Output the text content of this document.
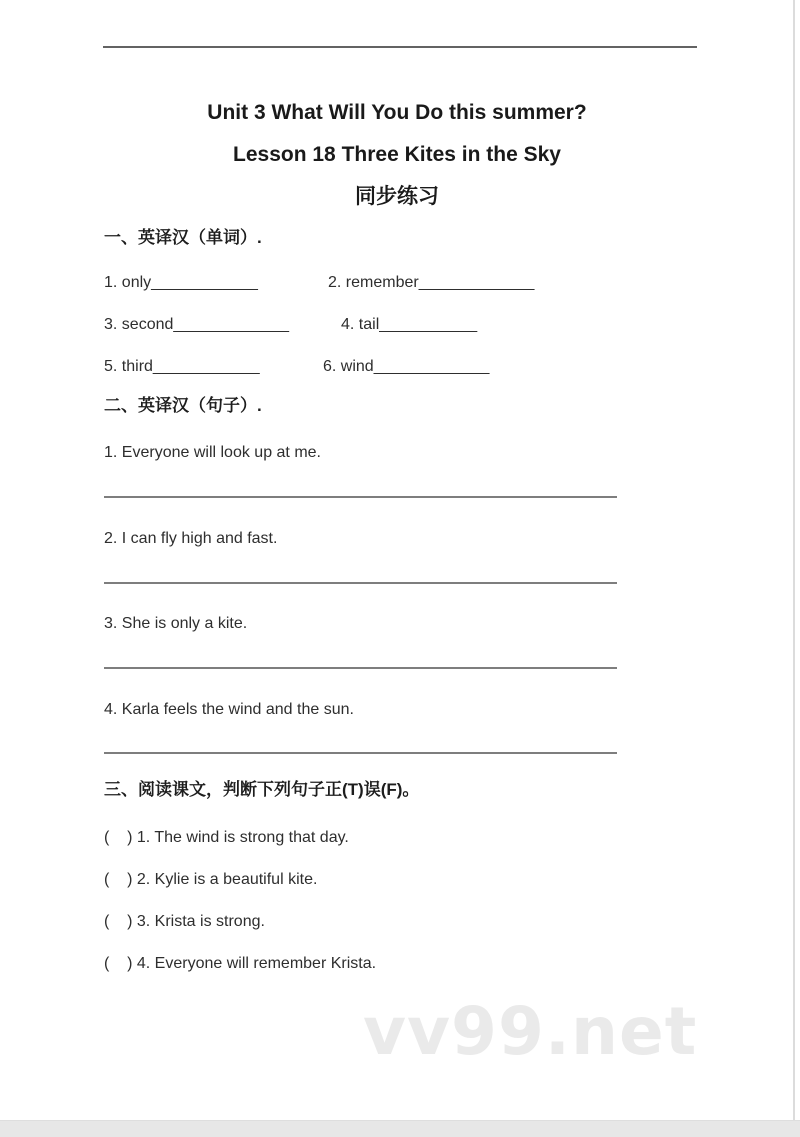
Unit 3 What Will You Do this summer?
Lesson 18 Three Kites in the Sky
同步练习

一、英译汉（单词）.

1. only____________	2. remember_____________
3. second_____________	4. tail___________
5. third____________	6. wind_____________

二、英译汉（句子）.

1. Everyone will look up at me.

2. I can fly high and fast.

3. She is only a kite.

4. Karla feels the wind and the sun.

三、阅读课文，判断下列句子正(T)误(F)。

(    ) 1. The wind is strong that day.

(    ) 2. Kylie is a beautiful kite.

(    ) 3. Krista is strong.

(    ) 4. Everyone will remember Krista.

vv99.net
